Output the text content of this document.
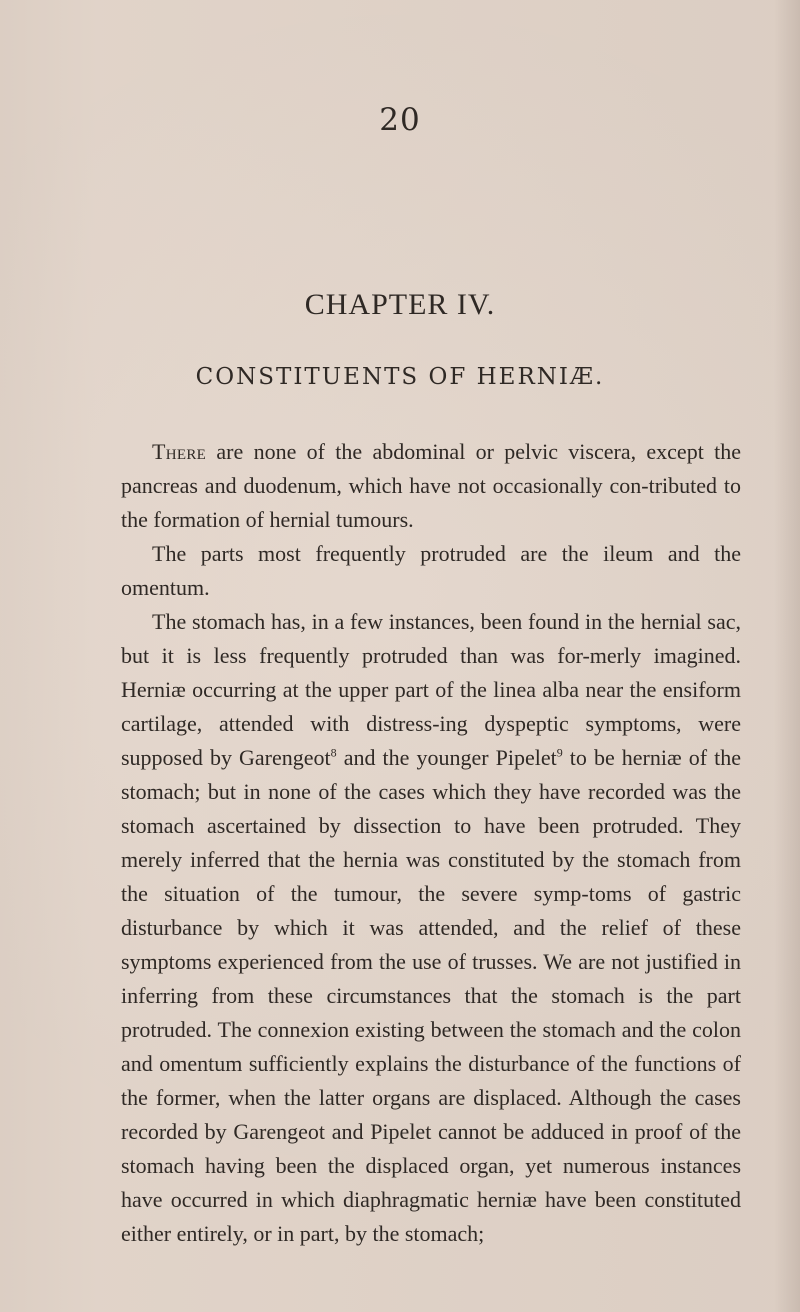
20
CHAPTER IV.
CONSTITUENTS OF HERNIÆ.

There are none of the abdominal or pelvic viscera, except the pancreas and duodenum, which have not occasionally con-tributed to the formation of hernial tumours.

The parts most frequently protruded are the ileum and the omentum.

The stomach has, in a few instances, been found in the hernial sac, but it is less frequently protruded than was for-merly imagined. Herniæ occurring at the upper part of the linea alba near the ensiform cartilage, attended with distress-ing dyspeptic symptoms, were supposed by Garengeot$^8$ and the younger Pipelet$^9$ to be herniæ of the stomach; but in none of the cases which they have recorded was the stomach ascertained by dissection to have been protruded. They merely inferred that the hernia was constituted by the stomach from the situation of the tumour, the severe symp-toms of gastric disturbance by which it was attended, and the relief of these symptoms experienced from the use of trusses. We are not justified in inferring from these circumstances that the stomach is the part protruded. The connexion existing between the stomach and the colon and omentum sufficiently explains the disturbance of the functions of the former, when the latter organs are displaced. Although the cases recorded by Garengeot and Pipelet cannot be adduced in proof of the stomach having been the displaced organ, yet numerous instances have occurred in which diaphragmatic herniæ have been constituted either entirely, or in part, by the stomach;
